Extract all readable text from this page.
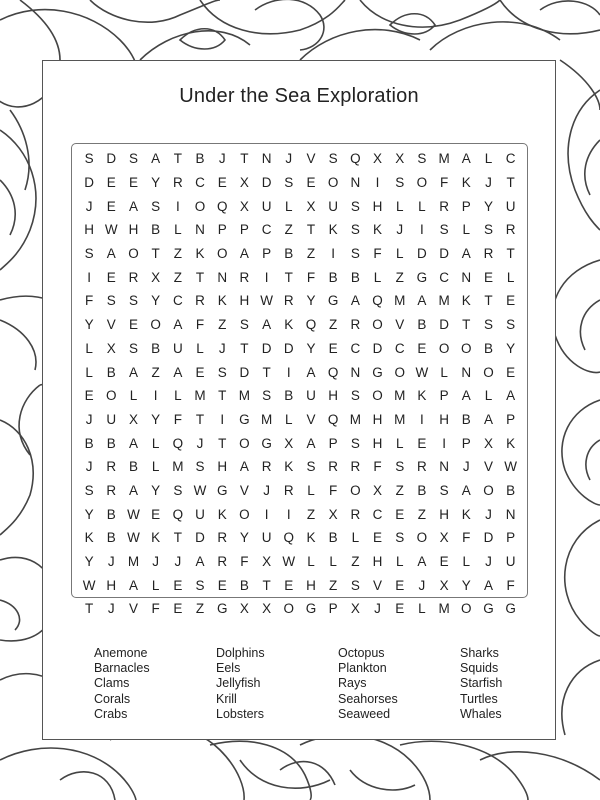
Under the Sea Exploration
S D S A	T	B	J	T N	J	V S Q X X S M A	L	C
D E E Y R C E X D S E O N	I	S O F	K	J	T
J	E A S	I	O Q X U	L	X U S H	L	L	R P Y U
H W H B	L	N P P C Z	T	K S K	J	I	S	L	S R
S A O T	Z	K O A P B	Z	I	S	F	L	D D A R T
I	E R X	Z	T N R	I	T	F	B B	L	Z G C N E	L
F	S S Y C R K H W R Y G A Q M A M K	T	E
Y V E O A	F	Z	S A K Q Z R O V B D T	S S
L	X S B U	L	J	T D D Y E C D C E O O B Y
L	B A	Z	A E S D T	I	A Q N G O W L	N O E
E O L	I	L M T M S B U H S O M K P A	L	A
J	U X Y	F	T	I	G M L	V Q M H M	I	H B A P
B B A	L Q	J	T O G X A P S H	L	E	I	P X K
J	R B	L M S H A R K S R R F	S R N	J	V W
S R A Y S W G V	J	R	L	F O X	Z	B S A O B
Y B W E Q U K O	I	I	Z	X R C E	Z H K	J	N
K B W K	T D R Y U Q K B	L	E S O X	F D P
Y	J M J	J	A R F	X W L	L	Z H	L	A E	L	J	U
W H A	L	E S E B	T	E H Z	S V E	J	X Y A	F
T	J	V	F	E	Z G X X O G P X	J	E	L M O G G
Anemone
Barnacles
Clams
Corals
Crabs
Dolphins
Eels
Jellyfish
Krill
Lobsters
Octopus
Plankton
Rays
Seahorses
Seaweed
Sharks
Squids
Starfish
Turtles
Whales
